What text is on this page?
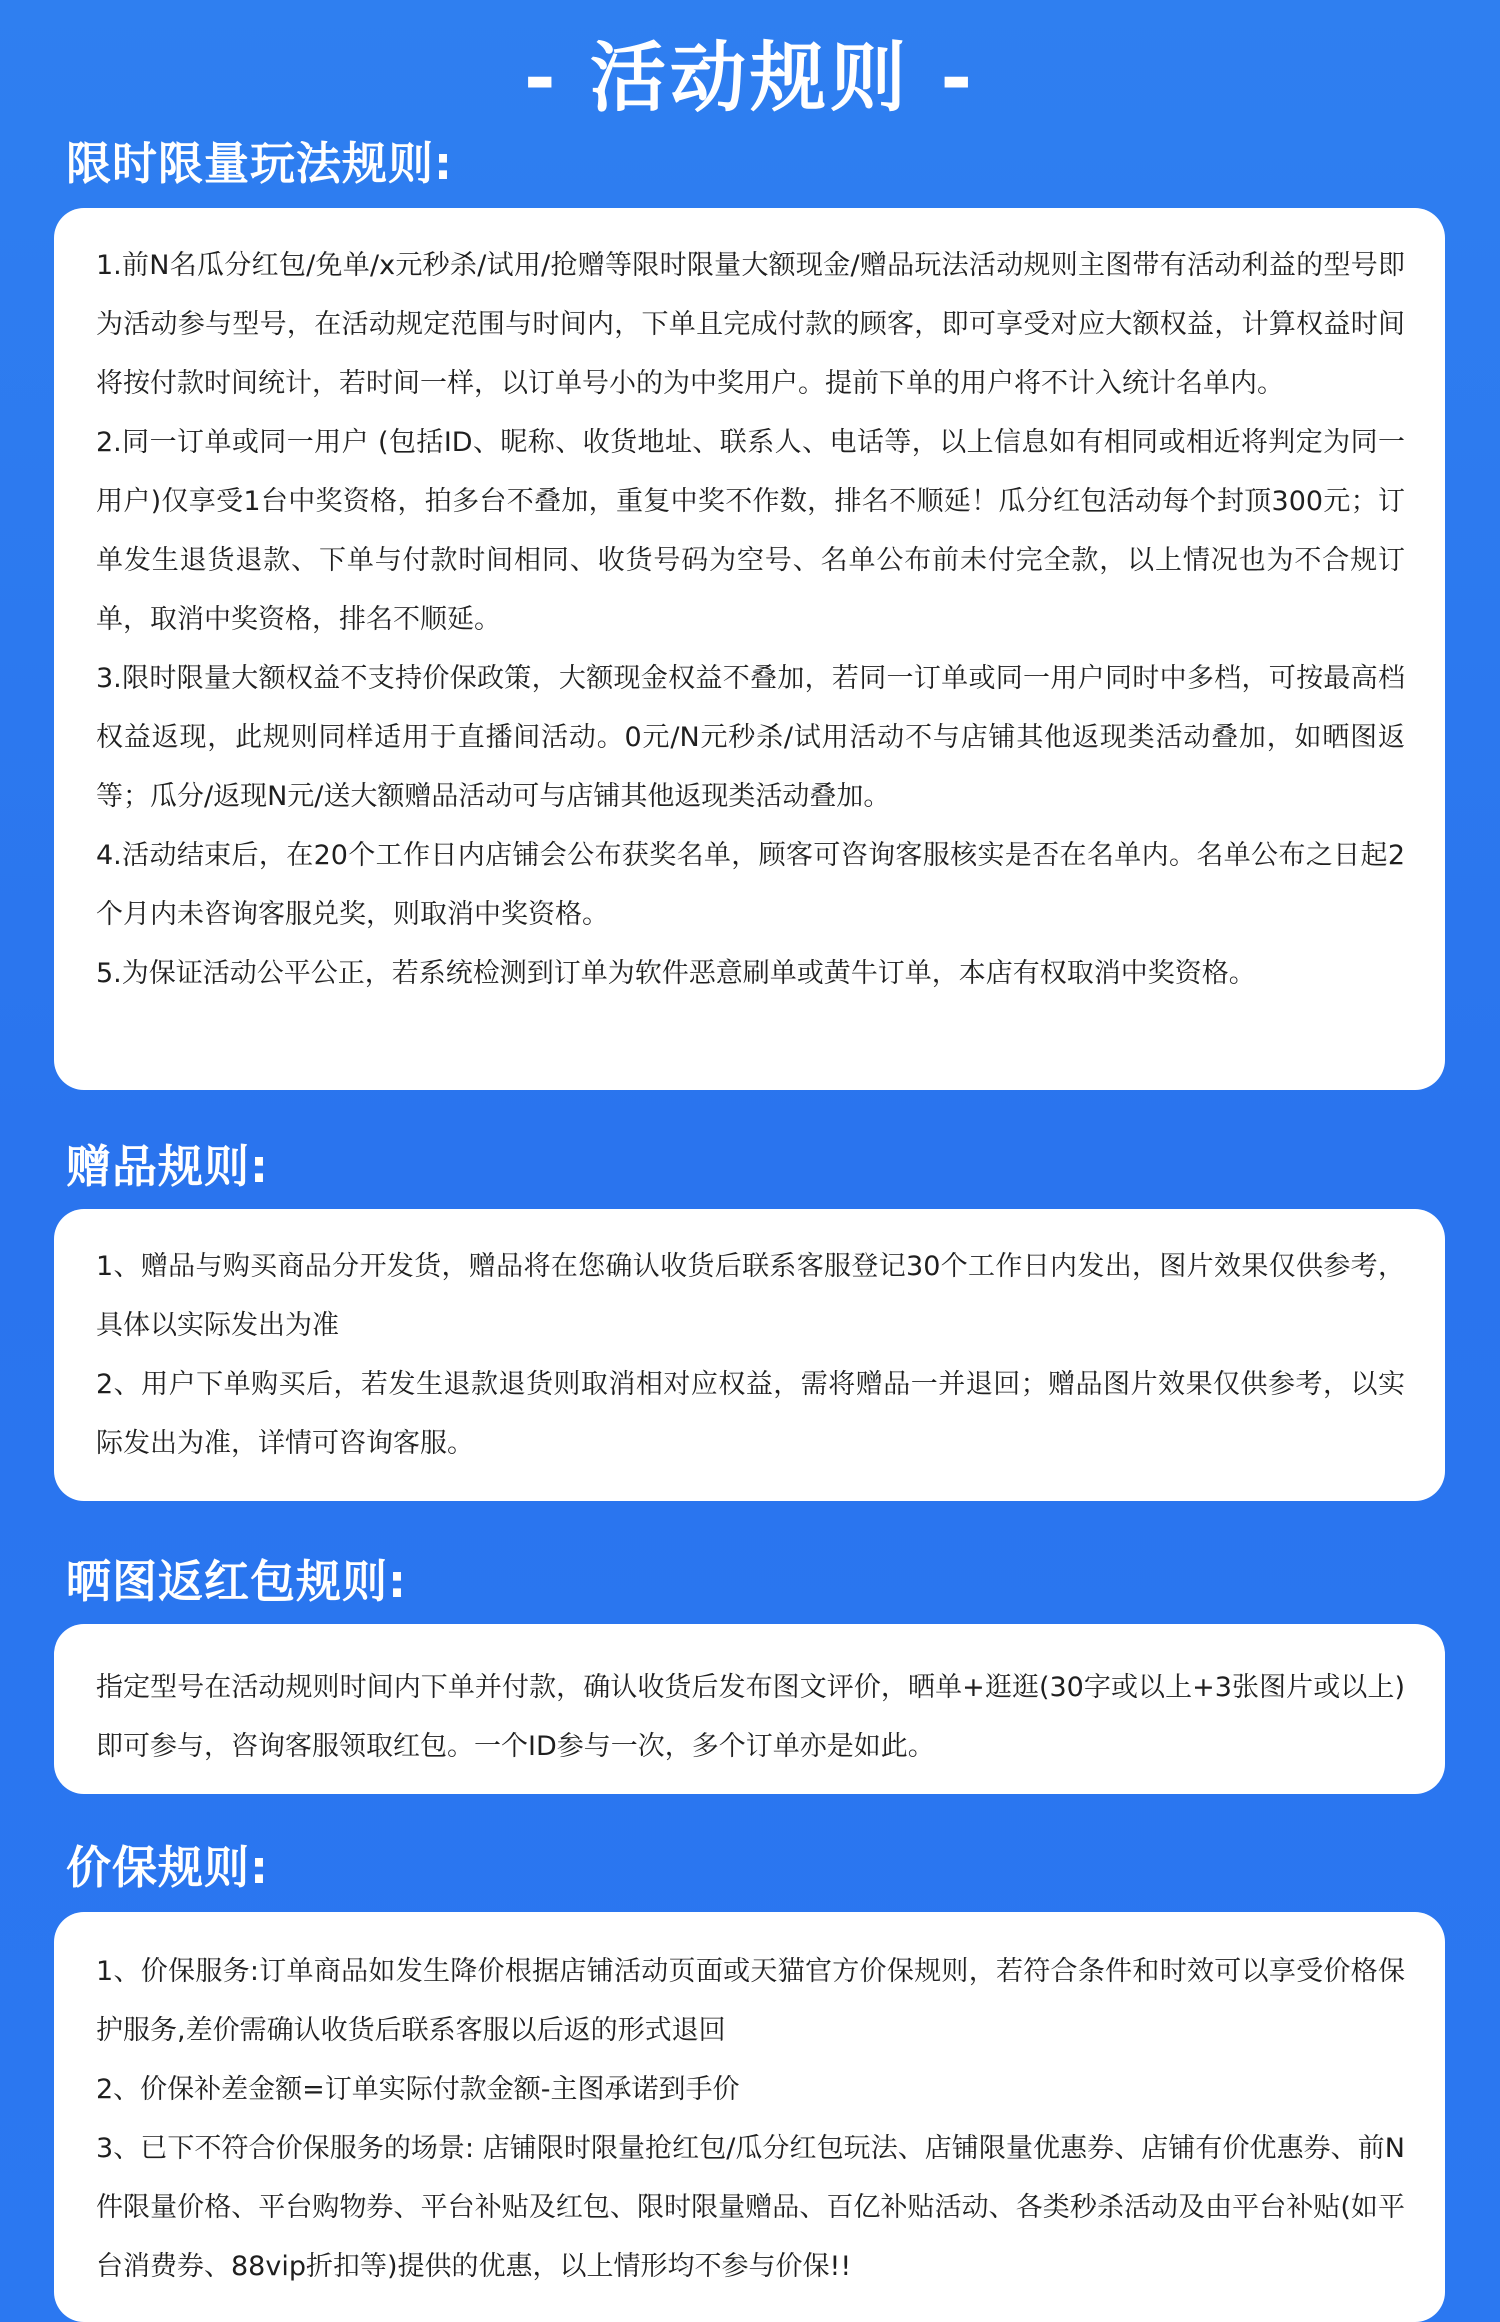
- 活动规则 -
限时限量玩法规则:

1.前N名瓜分红包/免单/x元秒杀/试用/抢赠等限时限量大额现金/赠品玩法活动规则主图带有活动利益的型号即为活动参与型号，在活动规定范围与时间内，下单且完成付款的顾客，即可享受对应大额权益，计算权益时间将按付款时间统计，若时间一样，以订单号小的为中奖用户。提前下单的用户将不计入统计名单内。

2.同一订单或同一用户 (包括ID、昵称、收货地址、联系人、电话等，以上信息如有相同或相近将判定为同一用户)仅享受1台中奖资格，拍多台不叠加，重复中奖不作数，排名不顺延！瓜分红包活动每个封顶300元；订单发生退货退款、下单与付款时间相同、收货号码为空号、名单公布前未付完全款，以上情况也为不合规订单，取消中奖资格，排名不顺延。

3.限时限量大额权益不支持价保政策，大额现金权益不叠加，若同一订单或同一用户同时中多档，可按最高档权益返现，此规则同样适用于直播间活动。0元/N元秒杀/试用活动不与店铺其他返现类活动叠加，如晒图返等；瓜分/返现N元/送大额赠品活动可与店铺其他返现类活动叠加。

4.活动结束后，在20个工作日内店铺会公布获奖名单，顾客可咨询客服核实是否在名单内。名单公布之日起2个月内未咨询客服兑奖，则取消中奖资格。

5.为保证活动公平公正，若系统检测到订单为软件恶意刷单或黄牛订单，本店有权取消中奖资格。

赠品规则:

1、赠品与购买商品分开发货，赠品将在您确认收货后联系客服登记30个工作日内发出，图片效果仅供参考，具体以实际发出为准

2、用户下单购买后，若发生退款退货则取消相对应权益，需将赠品一并退回；赠品图片效果仅供参考，以实际发出为准，详情可咨询客服。

晒图返红包规则:

指定型号在活动规则时间内下单并付款，确认收货后发布图文评价，晒单+逛逛(30字或以上+3张图片或以上)即可参与，咨询客服领取红包。一个ID参与一次，多个订单亦是如此。

价保规则:

1、价保服务:订单商品如发生降价根据店铺活动页面或天猫官方价保规则，若符合条件和时效可以享受价格保护服务,差价需确认收货后联系客服以后返的形式退回

2、价保补差金额=订单实际付款金额-主图承诺到手价

3、已下不符合价保服务的场景: 店铺限时限量抢红包/瓜分红包玩法、店铺限量优惠券、店铺有价优惠券、前N件限量价格、平台购物券、平台补贴及红包、限时限量赠品、百亿补贴活动、各类秒杀活动及由平台补贴(如平台消费券、88vip折扣等)提供的优惠，以上情形均不参与价保!!
